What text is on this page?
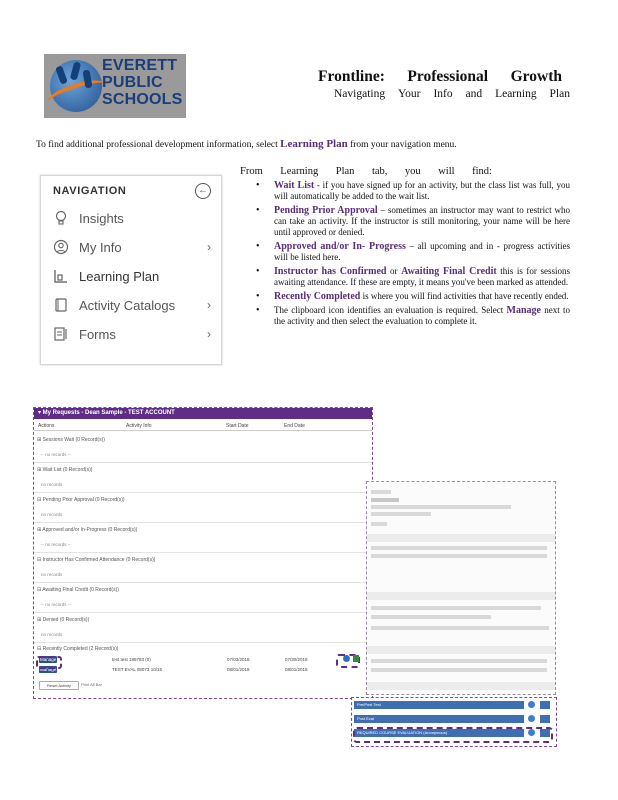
EVERETT
PUBLIC
SCHOOLS
Frontline: Professional Growth
Navigating Your Info and Learning Plan
To find additional professional development information, select Learning Plan from your navigation menu.
NAVIGATION	←
Insights
My Info	›
Learning Plan
Activity Catalogs	›
Forms	›
From Learning Plan tab, you will find:
• Wait List - if you have signed up for an activity, but the class list was full, you will automatically be added to the wait list.
• Pending Prior Approval – sometimes an instructor may want to restrict who can take an activity. If the instructor is still monitoring, your name will be here until approved or denied.
• Approved and/or In- Progress – all upcoming and in - progress activities will be listed here.
• Instructor has Confirmed or Awaiting Final Credit this is for sessions awaiting attendance. If these are empty, it means you've been marked as attended.
• Recently Completed is where you will find activities that have recently ended.
• The clipboard icon identifies an evaluation is required. Select Manage next to the activity and then select the evaluation to complete it.
▾ My Requests - Dean Sample - TEST ACCOUNT
Actions	Activity Info	Start Date	End Date
⊞ Sessions Wait (0 Record(s))
-- no records --
⊞ Wait List (0 Record(s))
no records
⊟ Pending Prior Approval (0 Record(s))
no records
⊞ Approved and/or In-Progress (0 Record(s))
-- no records --
⊟ Instructor Has Confirmed Attendance (0 Record(s))
no records
⊟ Awaiting Final Credit (0 Record(s))
-- no records --
⊞ Denied (0 Record(s))
no records
⊟ Recently Completed (2 Record(s))
Manage	test test 189783 (0)	07/03/2018	07/30/2018
Manage	TEST EVAL 08073 10/15	08/01/2018	08/01/2018
Reset Activity	Print All Bar
Pre/Post Test
Post Eval
REQUIRED COURSE EVALUATION (Anonymous)
